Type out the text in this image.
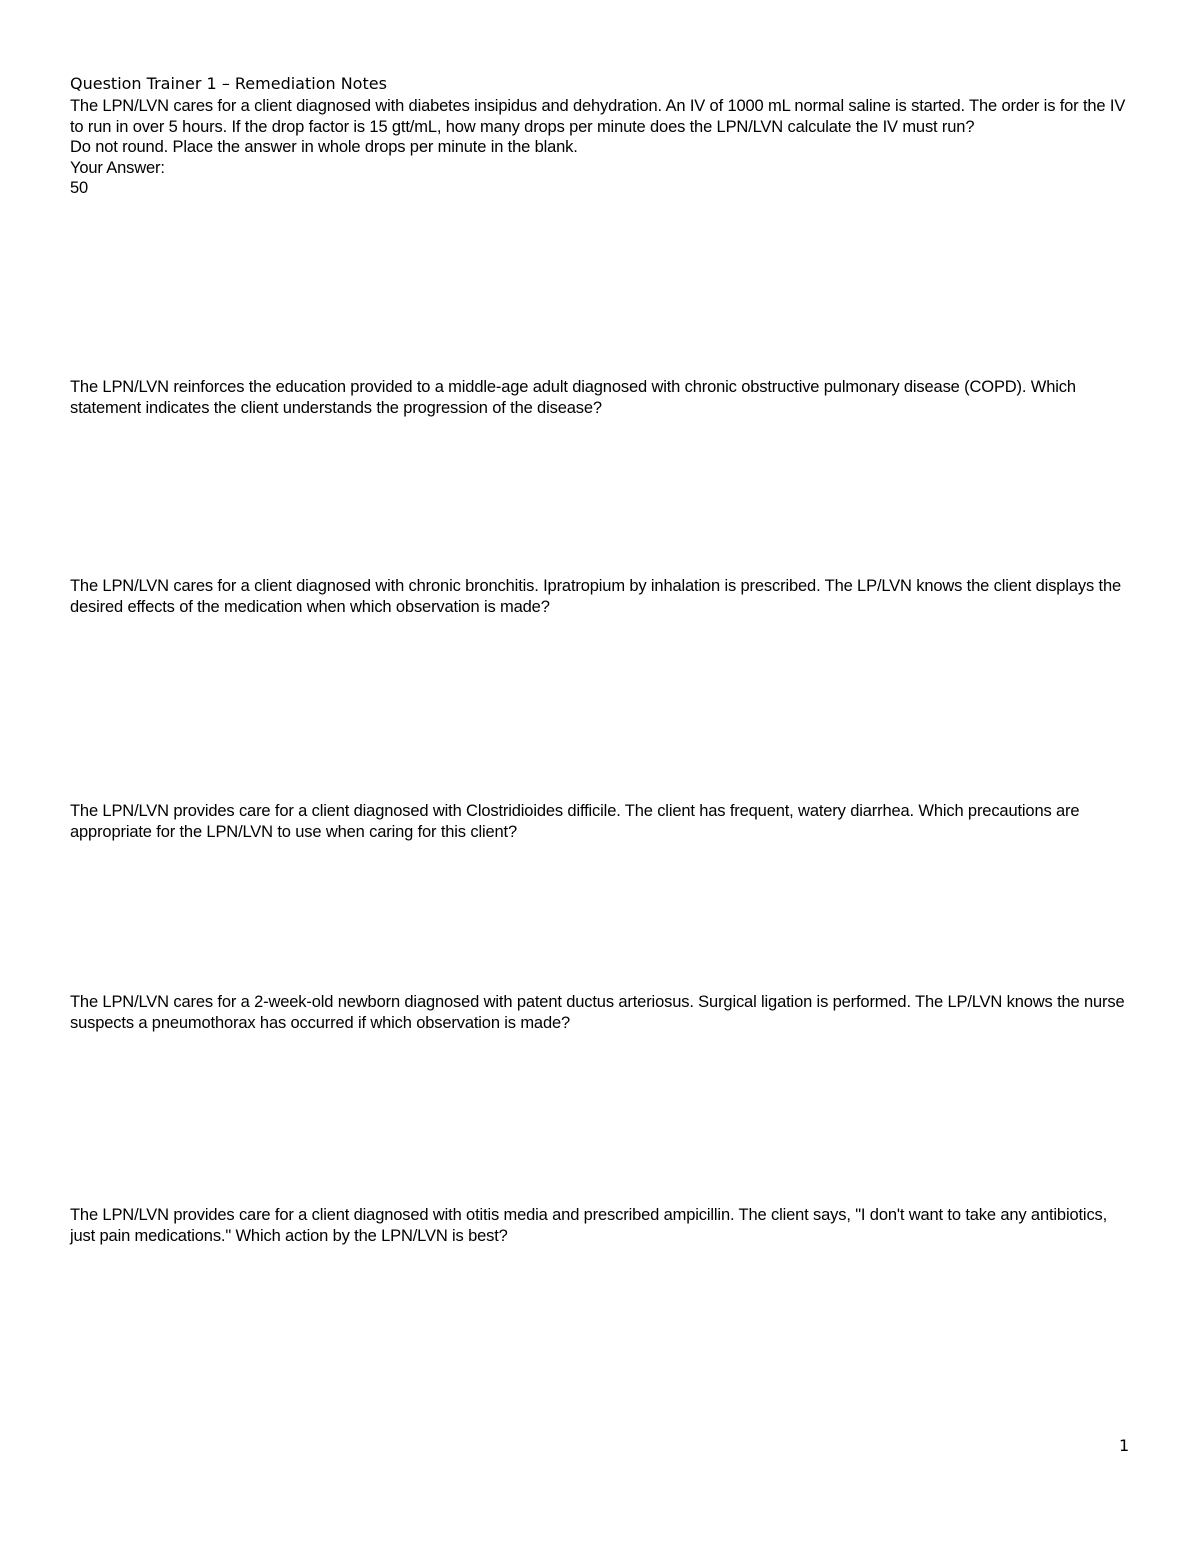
Question Trainer 1 – Remediation Notes

The LPN/LVN cares for a client diagnosed with diabetes insipidus and dehydration. An IV of 1000 mL normal saline is started. The order is for the IV to run in over 5 hours. If the drop factor is 15 gtt/mL, how many drops per minute does the LPN/LVN calculate the IV must run?

Do not round. Place the answer in whole drops per minute in the blank.

Your Answer:

50

The LPN/LVN reinforces the education provided to a middle-age adult diagnosed with chronic obstructive pulmonary disease (COPD). Which statement indicates the client understands the progression of the disease?

The LPN/LVN cares for a client diagnosed with chronic bronchitis. Ipratropium by inhalation is prescribed. The LP/LVN knows the client displays the desired effects of the medication when which observation is made?

The LPN/LVN provides care for a client diagnosed with Clostridioides difficile. The client has frequent, watery diarrhea. Which precautions are appropriate for the LPN/LVN to use when caring for this client?

The LPN/LVN cares for a 2-week-old newborn diagnosed with patent ductus arteriosus. Surgical ligation is performed. The LP/LVN knows the nurse suspects a pneumothorax has occurred if which observation is made?

The LPN/LVN provides care for a client diagnosed with otitis media and prescribed ampicillin. The client says, "I don't want to take any antibiotics, just pain medications." Which action by the LPN/LVN is best?

1
